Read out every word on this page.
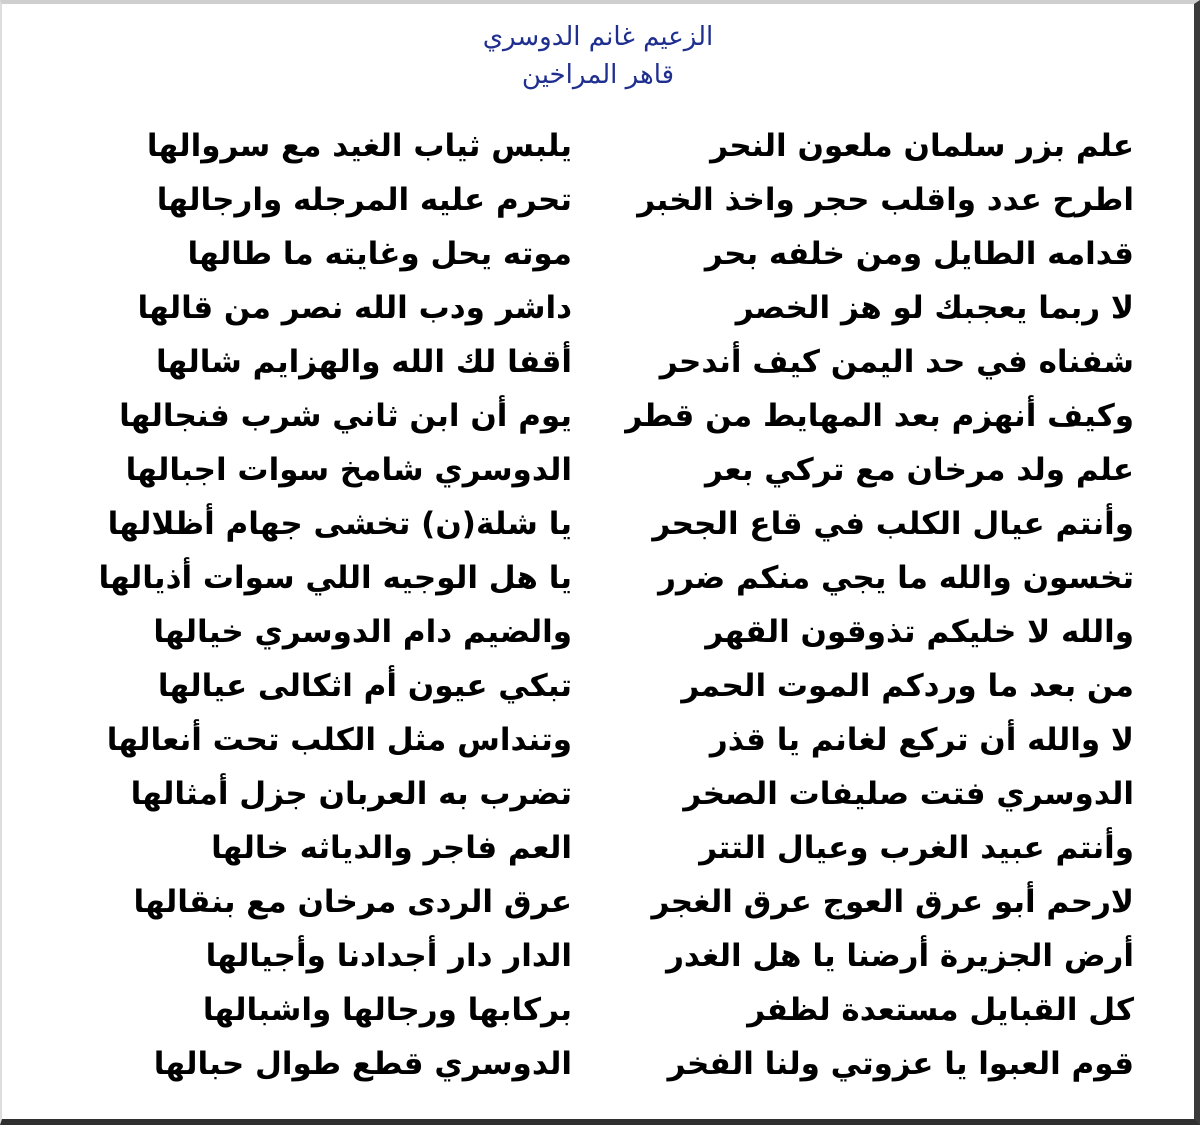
الزعيم غانم الدوسري
قاهر المراخين
علم بزر سلمان ملعون النحر
يلبس ثياب الغيد مع سروالها
اطرح عدد واقلب حجر واخذ الخبر
تحرم عليه المرجله وارجالها
قدامه الطايل ومن خلفه بحر
موته يحل وغايته ما طالها
لا ربما يعجبك لو هز الخصر
داشر ودب الله نصر من قالها
شفناه في حد اليمن كيف أندحر
أقفا لك الله والهزايم شالها
وكيف أنهزم بعد المهايط من قطر
يوم أن ابن ثاني شرب فنجالها
علم ولد مرخان مع تركي بعر
الدوسري شامخ سوات اجبالها
وأنتم عيال الكلب في قاع الجحر
يا شلة(ن) تخشى جهام أظلالها
تخسون والله ما يجي منكم ضرر
يا هل الوجيه اللي سوات أذيالها
والله لا خليكم تذوقون القهر
والضيم دام الدوسري خيالها
من بعد ما وردكم الموت الحمر
تبكي عيون أم اثكالى عيالها
لا والله أن تركع لغانم يا قذر
وتنداس مثل الكلب تحت أنعالها
الدوسري فتت صليفات الصخر
تضرب به العربان جزل أمثالها
وأنتم عبيد الغرب وعيال التتر
العم فاجر والدياثه خالها
لارحم أبو عرق العوج عرق الغجر
عرق الردى مرخان مع بنقالها
أرض الجزيرة أرضنا يا هل الغدر
الدار دار أجدادنا وأجيالها
كل القبايل مستعدة لظفر
بركابها ورجالها واشبالها
قوم العبوا يا عزوتي ولنا الفخر
الدوسري قطع طوال حبالها
